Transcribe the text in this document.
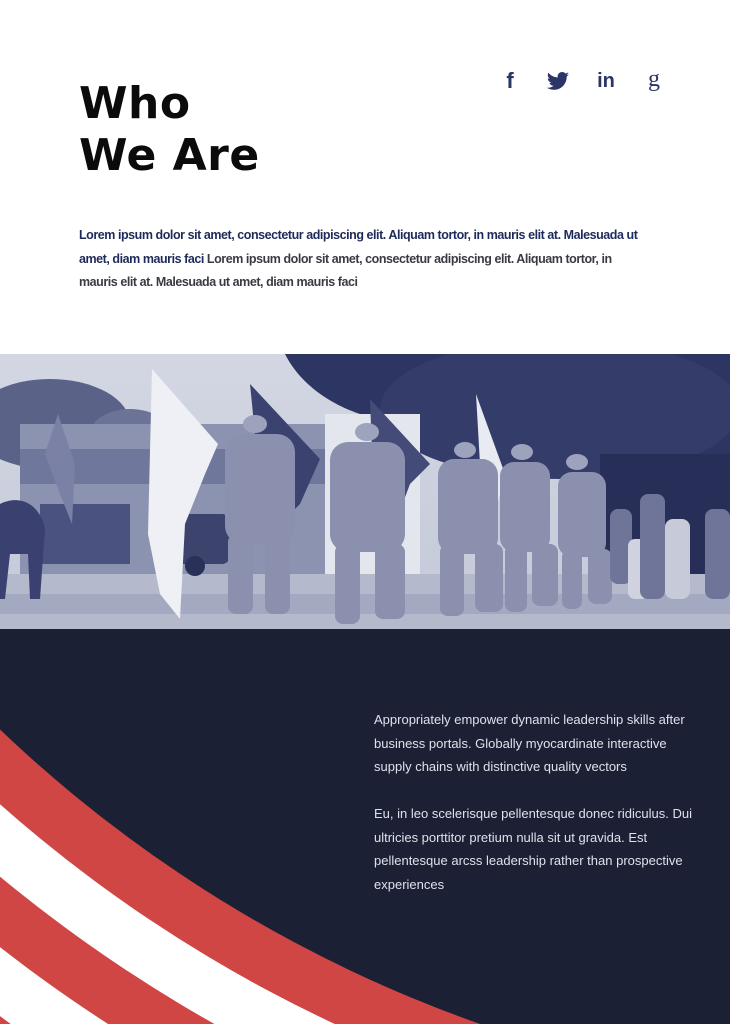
Who
We Are
f	in	g

Lorem ipsum dolor sit amet, consectetur adipiscing elit. Aliquam tortor, in mauris elit at. Malesuada ut amet, diam mauris faci Lorem ipsum dolor sit amet, consectetur adipiscing elit. Aliquam tortor, in mauris elit at. Malesuada ut amet, diam mauris faci

Appropriately empower dynamic leadership skills after business portals. Globally myocardinate interactive supply chains with distinctive quality vectors

Eu, in leo scelerisque pellentesque donec ridiculus. Dui ultricies porttitor pretium nulla sit ut gravida. Est pellentesque arcss leadership rather than prospective experiences
